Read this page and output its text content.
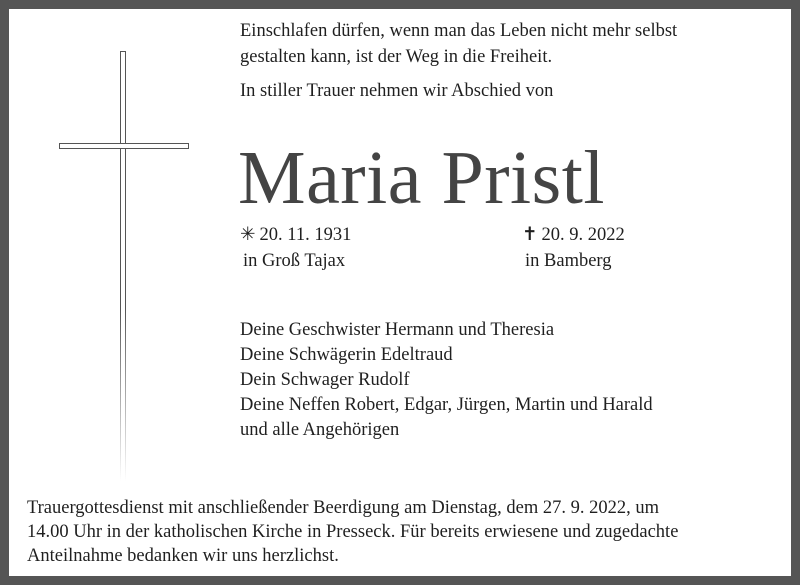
Einschlafen dürfen, wenn man das Leben nicht mehr selbst
gestalten kann, ist der Weg in die Freiheit.
In stiller Trauer nehmen wir Abschied von
Maria Pristl
✳ 20. 11. 1931
in Groß Tajax
✝ 20. 9. 2022
in Bamberg
Deine Geschwister Hermann und Theresia
Deine Schwägerin Edeltraud
Dein Schwager Rudolf
Deine Neffen Robert, Edgar, Jürgen, Martin und Harald
und alle Angehörigen
Trauergottesdienst mit anschließender Beerdigung am Dienstag, dem 27. 9. 2022, um
14.00 Uhr in der katholischen Kirche in Presseck. Für bereits erwiesene und zugedachte
Anteilnahme bedanken wir uns herzlichst.
